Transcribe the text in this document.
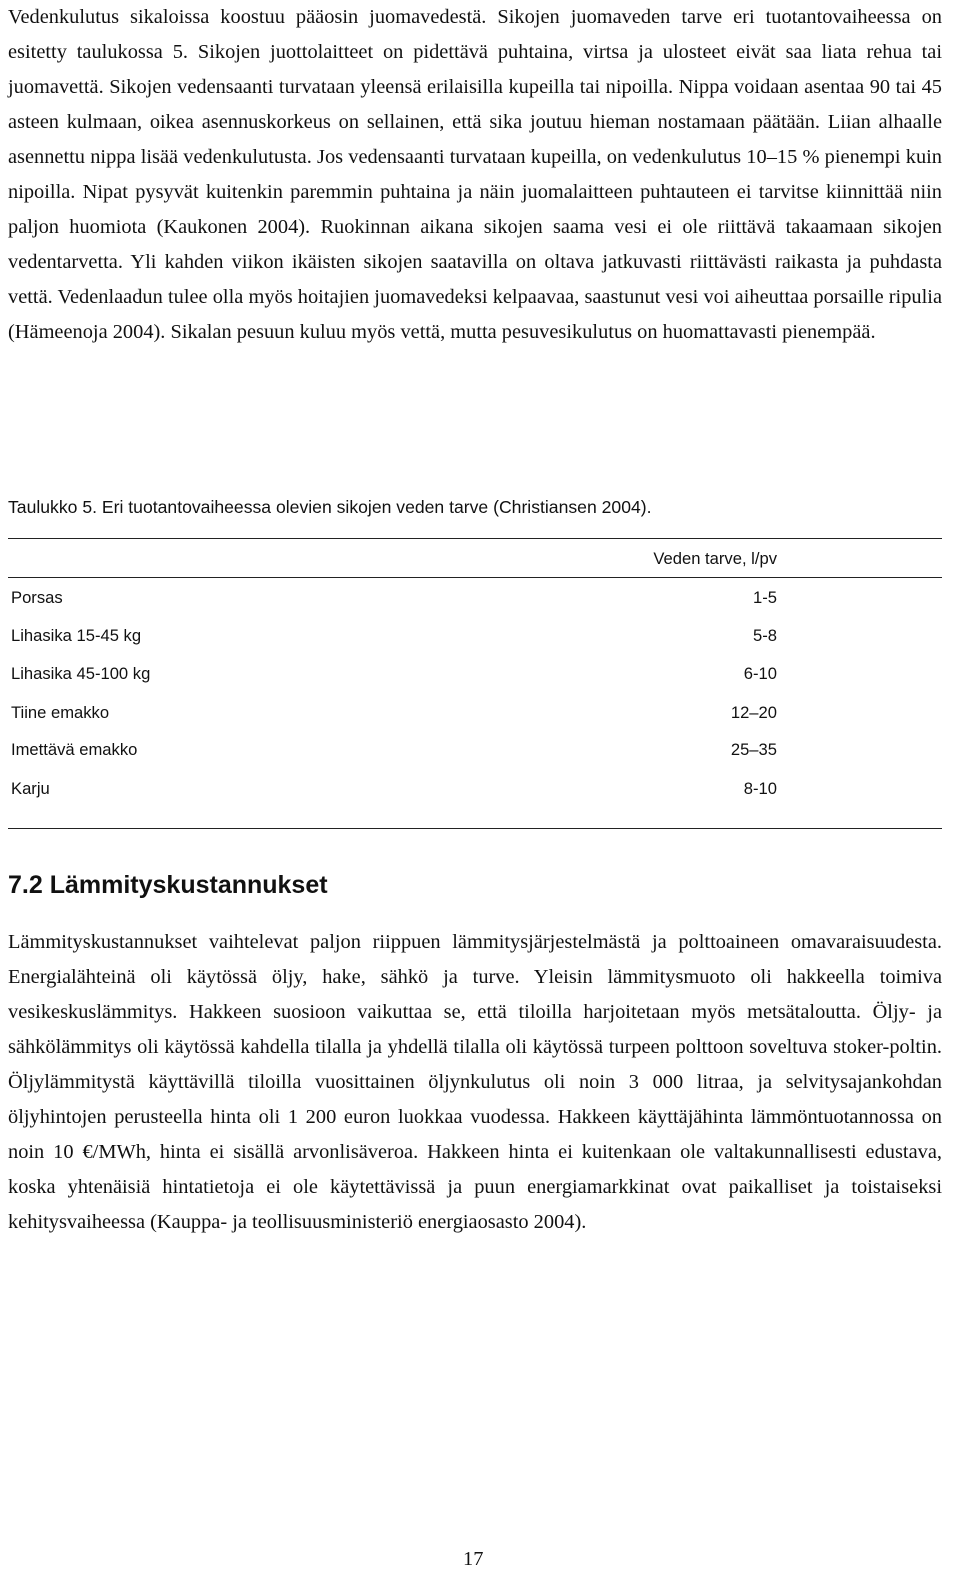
Vedenkulutus sikaloissa koostuu pääosin juomavedestä. Sikojen juomaveden tarve eri tuotantovaiheessa on esitetty taulukossa 5. Sikojen juottolaitteet on pidettävä puhtaina, virtsa ja ulosteet eivät saa liata rehua tai juomavettä. Sikojen vedensaanti turvataan yleensä erilaisilla kupeilla tai nipoilla. Nippa voidaan asentaa 90 tai 45 asteen kulmaan, oikea asennuskorkeus on sellainen, että sika joutuu hieman nostamaan päätään. Liian alhaalle asennettu nippa lisää vedenkulutusta. Jos vedensaanti turvataan kupeilla, on vedenkulutus 10–15 % pienempi kuin nipoilla. Nipat pysyvät kuitenkin paremmin puhtaina ja näin juomalaitteen puhtauteen ei tarvitse kiinnittää niin paljon huomiota (Kaukonen 2004). Ruokinnan aikana sikojen saama vesi ei ole riittävä takaamaan sikojen vedentarvetta. Yli kahden viikon ikäisten sikojen saatavilla on oltava jatkuvasti riittävästi raikasta ja puhdasta vettä. Vedenlaadun tulee olla myös hoitajien juomavedeksi kelpaavaa, saastunut vesi voi aiheuttaa porsaille ripulia (Hämeenoja 2004). Sikalan pesuun kuluu myös vettä, mutta pesuvesikulutus on huomattavasti pienempää.

Taulukko 5. Eri tuotantovaiheessa olevien sikojen veden tarve (Christiansen 2004).
Veden tarve, l/pv
Porsas	1-5
Lihasika 15-45 kg	5-8
Lihasika 45-100 kg	6-10
Tiine emakko	12–20
Imettävä emakko	25–35
Karju	8-10
7.2 Lämmityskustannukset

Lämmityskustannukset vaihtelevat paljon riippuen lämmitysjärjestelmästä ja polttoaineen omavaraisuudesta. Energialähteinä oli käytössä öljy, hake, sähkö ja turve. Yleisin lämmitysmuoto oli hakkeella toimiva vesikeskuslämmitys. Hakkeen suosioon vaikuttaa se, että tiloilla harjoitetaan myös metsätaloutta. Öljy- ja sähkölämmitys oli käytössä kahdella tilalla ja yhdellä tilalla oli käytössä turpeen polttoon soveltuva stoker-poltin. Öljylämmitystä käyttävillä tiloilla vuosittainen öljynkulutus oli noin 3 000 litraa, ja selvitysajankohdan öljyhintojen perusteella hinta oli 1 200 euron luokkaa vuodessa. Hakkeen käyttäjähinta lämmöntuotannossa on noin 10 €/MWh, hinta ei sisällä arvonlisäveroa. Hakkeen hinta ei kuitenkaan ole valtakunnallisesti edustava, koska yhtenäisiä hintatietoja ei ole käytettävissä ja puun energiamarkkinat ovat paikalliset ja toistaiseksi kehitysvaiheessa (Kauppa- ja teollisuusministeriö energiaosasto 2004).

17
